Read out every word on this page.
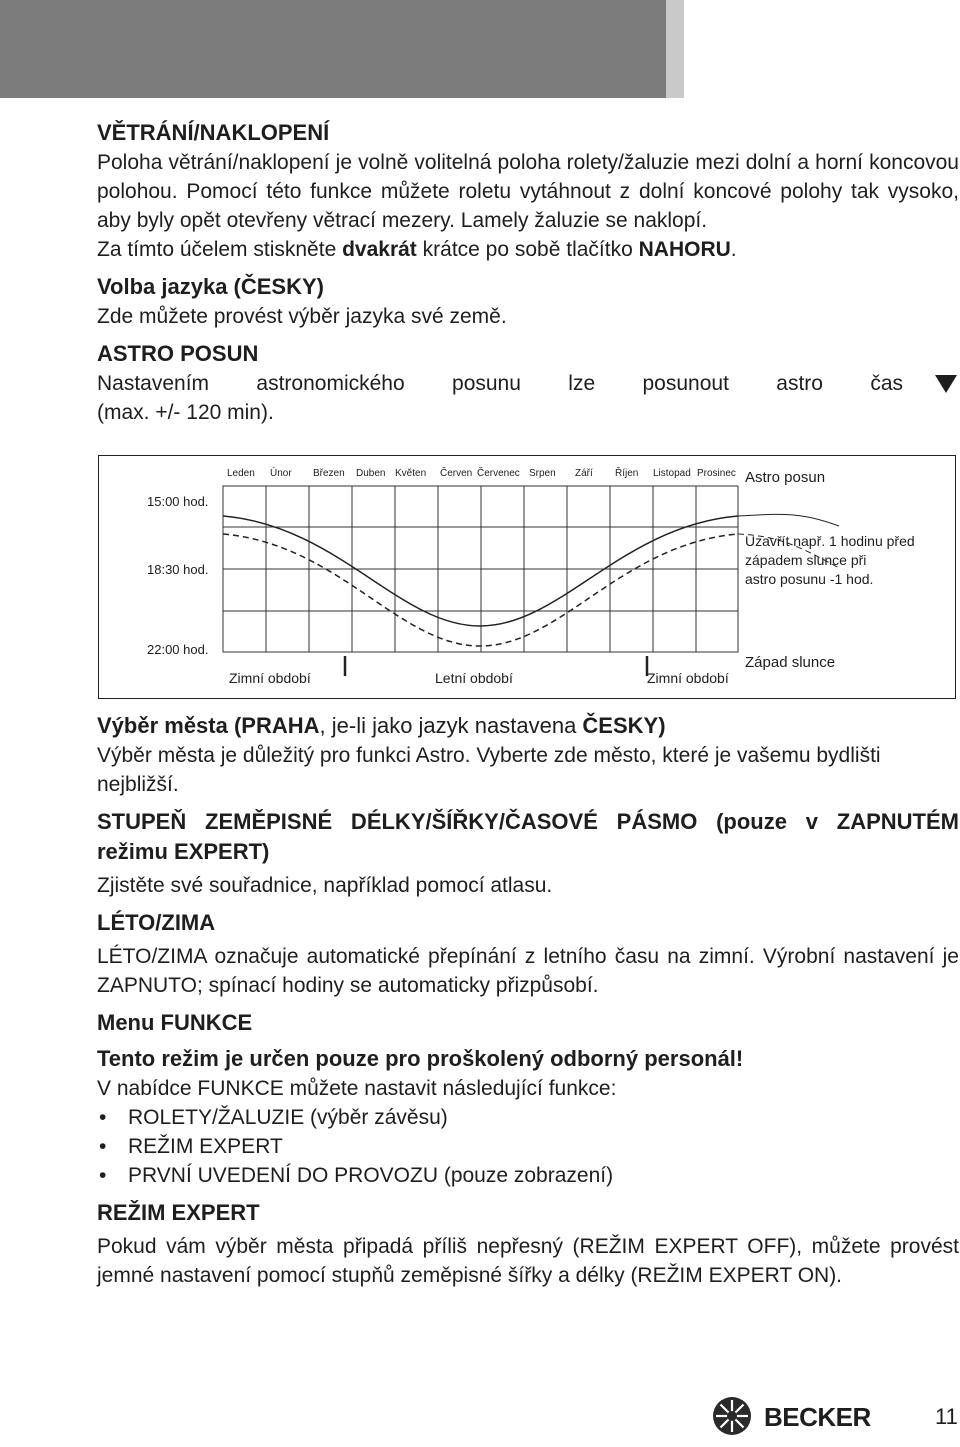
VĚTRÁNÍ/NAKLOPENÍ

Poloha větrání/naklopení je volně volitelná poloha rolety/žaluzie mezi dolní a horní koncovou polohou. Pomocí této funkce můžete roletu vytáhnout z dolní koncové polohy tak vysoko, aby byly opět otevřeny větrací mezery. Lamely žaluzie se naklopí.

Za tímto účelem stiskněte dvakrát krátce po sobě tlačítko NAHORU.

Volba jazyka (ČESKY)

Zde můžete provést výběr jazyka své země.

ASTRO POSUN

Nastavením astronomického posunu lze posunout astro čas

(max. +/- 120 min).

Leden Únor Březen Duben Květen Červen Červenec Srpen Září Říjen Listopad Prosinec
15:00 hod.
18:30 hod.
22:00 hod.
Astro posun
Uzavřít např. 1 hodinu před
západem slunce při
astro posunu -1 hod.
Západ slunce
Zimní období	Letní období	Zimní období
Výběr města (PRAHA, je-li jako jazyk nastavena ČESKY)

Výběr města je důležitý pro funkci Astro. Vyberte zde město, které je vašemu bydlišti nejbližší.

STUPEŇ ZEMĚPISNÉ DÉLKY/ŠÍŘKY/ČASOVÉ PÁSMO (pouze v ZAPNUTÉM režimu EXPERT)

Zjistěte své souřadnice, například pomocí atlasu.

LÉTO/ZIMA

LÉTO/ZIMA označuje automatické přepínání z letního času na zimní. Výrobní nastavení je ZAPNUTO; spínací hodiny se automaticky přizpůsobí.

Menu FUNKCE
Tento režim je určen pouze pro proškolený odborný personál!

V nabídce FUNKCE můžete nastavit následující funkce:

• ROLETY/ŽALUZIE (výběr závěsu)
• REŽIM EXPERT
• PRVNÍ UVEDENÍ DO PROVOZU (pouze zobrazení)
REŽIM EXPERT

Pokud vám výběr města připadá příliš nepřesný (REŽIM EXPERT OFF), můžete provést jemné nastavení pomocí stupňů zeměpisné šířky a délky (REŽIM EXPERT ON).

BECKER	11
